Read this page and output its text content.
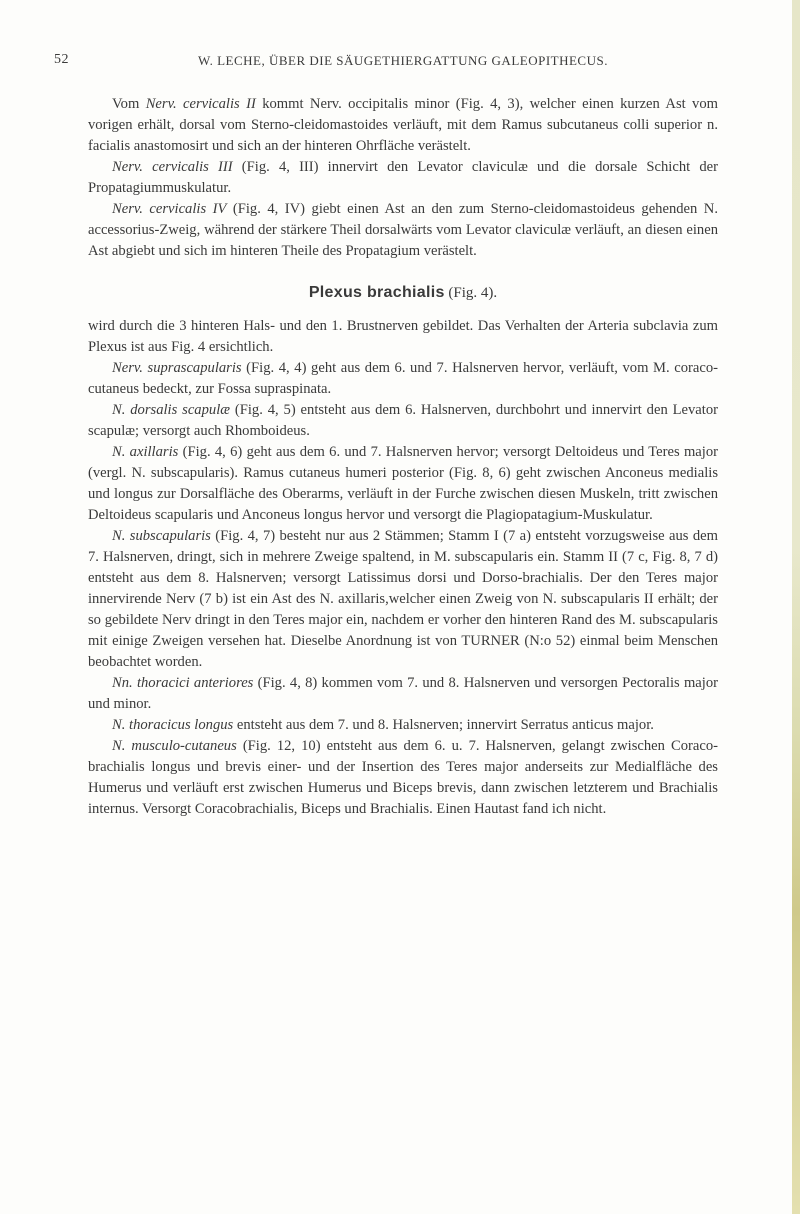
52	W. LECHE, ÜBER DIE SÄUGETHIERGATTUNG GALEOPITHECUS.

Vom Nerv. cervicalis II kommt Nerv. occipitalis minor (Fig. 4, 3), welcher einen kurzen Ast vom vorigen erhält, dorsal vom Sterno-cleidomastoides verläuft, mit dem Ramus subcutaneus colli superior n. facialis anastomosirt und sich an der hinteren Ohrfläche verästelt.

Nerv. cervicalis III (Fig. 4, III) innervirt den Levator claviculæ und die dorsale Schicht der Propatagiummuskulatur.

Nerv. cervicalis IV (Fig. 4, IV) giebt einen Ast an den zum Sterno-cleidomastoideus gehenden N. accessorius-Zweig, während der stärkere Theil dorsalwärts vom Levator claviculæ verläuft, an diesen einen Ast abgiebt und sich im hinteren Theile des Propatagium verästelt.

Plexus brachialis (Fig. 4).

wird durch die 3 hinteren Hals- und den 1. Brustnerven gebildet. Das Verhalten der Arteria subclavia zum Plexus ist aus Fig. 4 ersichtlich.

Nerv. suprascapularis (Fig. 4, 4) geht aus dem 6. und 7. Halsnerven hervor, verläuft, vom M. coraco-cutaneus bedeckt, zur Fossa supraspinata.

N. dorsalis scapulæ (Fig. 4, 5) entsteht aus dem 6. Halsnerven, durchbohrt und innervirt den Levator scapulæ; versorgt auch Rhomboideus.

N. axillaris (Fig. 4, 6) geht aus dem 6. und 7. Halsnerven hervor; versorgt Deltoideus und Teres major (vergl. N. subscapularis). Ramus cutaneus humeri posterior (Fig. 8, 6) geht zwischen Anconeus medialis und longus zur Dorsalfläche des Oberarms, verläuft in der Furche zwischen diesen Muskeln, tritt zwischen Deltoideus scapularis und Anconeus longus hervor und versorgt die Plagiopatagium-Muskulatur.

N. subscapularis (Fig. 4, 7) besteht nur aus 2 Stämmen; Stamm I (7 a) entsteht vorzugsweise aus dem 7. Halsnerven, dringt, sich in mehrere Zweige spaltend, in M. subscapularis ein. Stamm II (7 c, Fig. 8, 7 d) entsteht aus dem 8. Halsnerven; versorgt Latissimus dorsi und Dorso-brachialis. Der den Teres major innervirende Nerv (7 b) ist ein Ast des N. axillaris,welcher einen Zweig von N. subscapularis II erhält; der so gebildete Nerv dringt in den Teres major ein, nachdem er vorher den hinteren Rand des M. subscapularis mit einige Zweigen versehen hat. Dieselbe Anordnung ist von TURNER (N:o 52) einmal beim Menschen beobachtet worden.

Nn. thoracici anteriores (Fig. 4, 8) kommen vom 7. und 8. Halsnerven und versorgen Pectoralis major und minor.

N. thoracicus longus entsteht aus dem 7. und 8. Halsnerven; innervirt Serratus anticus major.

N. musculo-cutaneus (Fig. 12, 10) entsteht aus dem 6. u. 7. Halsnerven, gelangt zwischen Coraco-brachialis longus und brevis einer- und der Insertion des Teres major anderseits zur Medialfläche des Humerus und verläuft erst zwischen Humerus und Biceps brevis, dann zwischen letzterem und Brachialis internus. Versorgt Coracobrachialis, Biceps und Brachialis. Einen Hautast fand ich nicht.
